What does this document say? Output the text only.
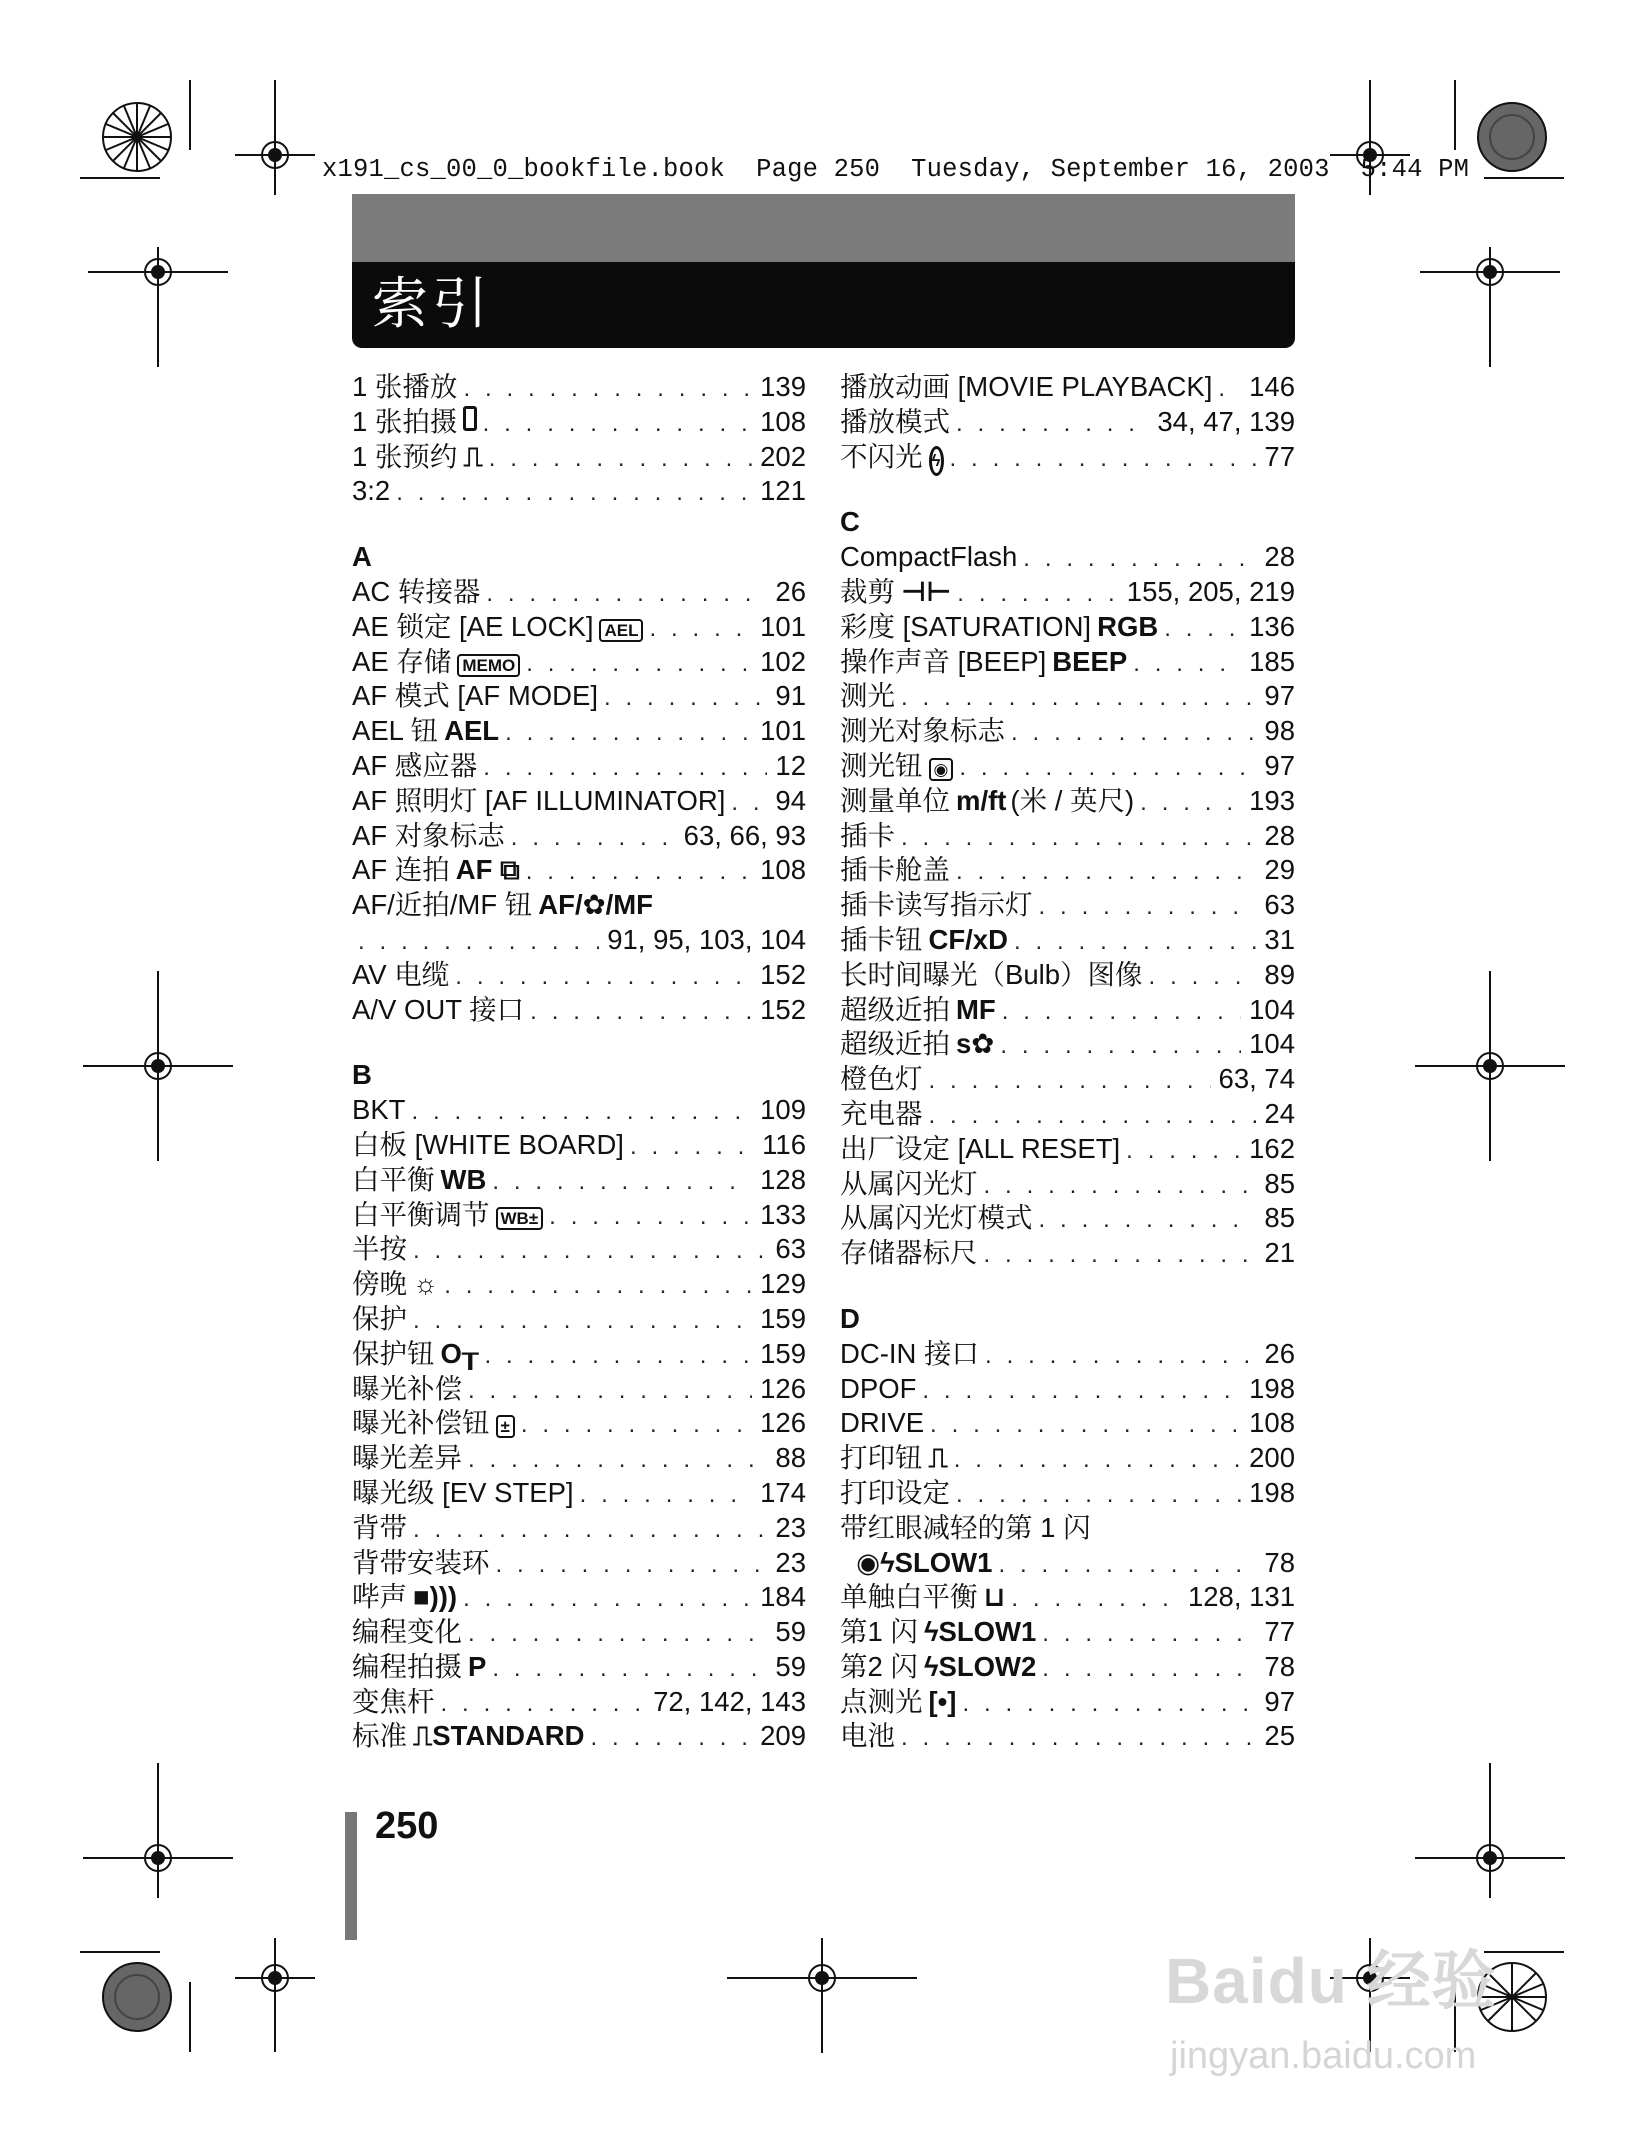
x191_cs_00_0_bookfile.book  Page 250  Tuesday, September 16, 2003  5:44 PM
索引
1 张播放 . . .	139
1 张拍摄 . . .	108
1 张预约 ⎍ . . .	202
3:2 . . .	121
A
AC 转接器 . . .	26
AE 锁定 [AE LOCK] AEL . . .	101
AE 存储 MEMO . . .	102
AF 模式 [AF MODE] . . .	91
AEL 钮 AEL . . .	101
AF 感应器 . . .	12
AF 照明灯 [AF ILLUMINATOR] . . . 94
AF 对象标志 . . .	63, 66, 93
AF 连拍 AF ⧉ . . .	108
AF/近拍/MF 钮 AF/✿/MF
. . .
91, 95, 103, 104
AV 电缆 . . .	152
A/V OUT 接口 . . .	152
B
BKT . . .	109
白板 [WHITE BOARD] . . .	116
白平衡 WB . . .	128
白平衡调节 WB± . . .	133
半按 . . .	63
傍晚 ☼ . . .	129
保护 . . .	159
保护钮 O┰ . . .	159
曝光补偿 . . .	126
曝光补偿钮 ± . . .	126
曝光差异 . . .	88
曝光级 [EV STEP] . . .	174
背带 . . .	23
背带安装环 . . .	23
哔声 ■))) . . .	184
编程变化 . . .	59
编程拍摄 P . . .	59
变焦杆 . . .	72, 142, 143
标准 ⎍STANDARD . . .	209
播放动画 [MOVIE PLAYBACK] . . . 146
播放模式 . . .	34, 47, 139
不闪光 ϟ . . .	77
C
CompactFlash . . .	28
裁剪 ⊣⊢ . . .	155, 205, 219
彩度 [SATURATION] RGB . . .	136
操作声音 [BEEP] BEEP . . .	185
测光 . . .	97
测光对象标志 . . .	98
测光钮 ◉ . . .	97
测量单位 m/ft (米 / 英尺) . . .	193
插卡 . . .	28
插卡舱盖 . . .	29
插卡读写指示灯 . . .	63
插卡钮 CF/xD . . .	31
长时间曝光（Bulb）图像 . . .	89
超级近拍 MF . . .	104
超级近拍 s✿ . . .	104
橙色灯 . . .	63, 74
充电器 . . .	24
出厂设定 [ALL RESET] . . .	162
从属闪光灯 . . .	85
从属闪光灯模式 . . .	85
存储器标尺 . . .	21
D
DC-IN 接口 . . .	26
DPOF . . .	198
DRIVE . . .	108
打印钮 ⎍ . . .	200
打印设定 . . .	198
带红眼减轻的第 1 闪
◉ϟSLOW1 . . .	78
单触白平衡 ⊔ . . .	128, 131
第1 闪 ϟSLOW1 . . .	77
第2 闪 ϟSLOW2 . . .	78
点测光 [•] . . .	97
电池 . . .	25
250
Baidu 经验
jingyan.baidu.com
